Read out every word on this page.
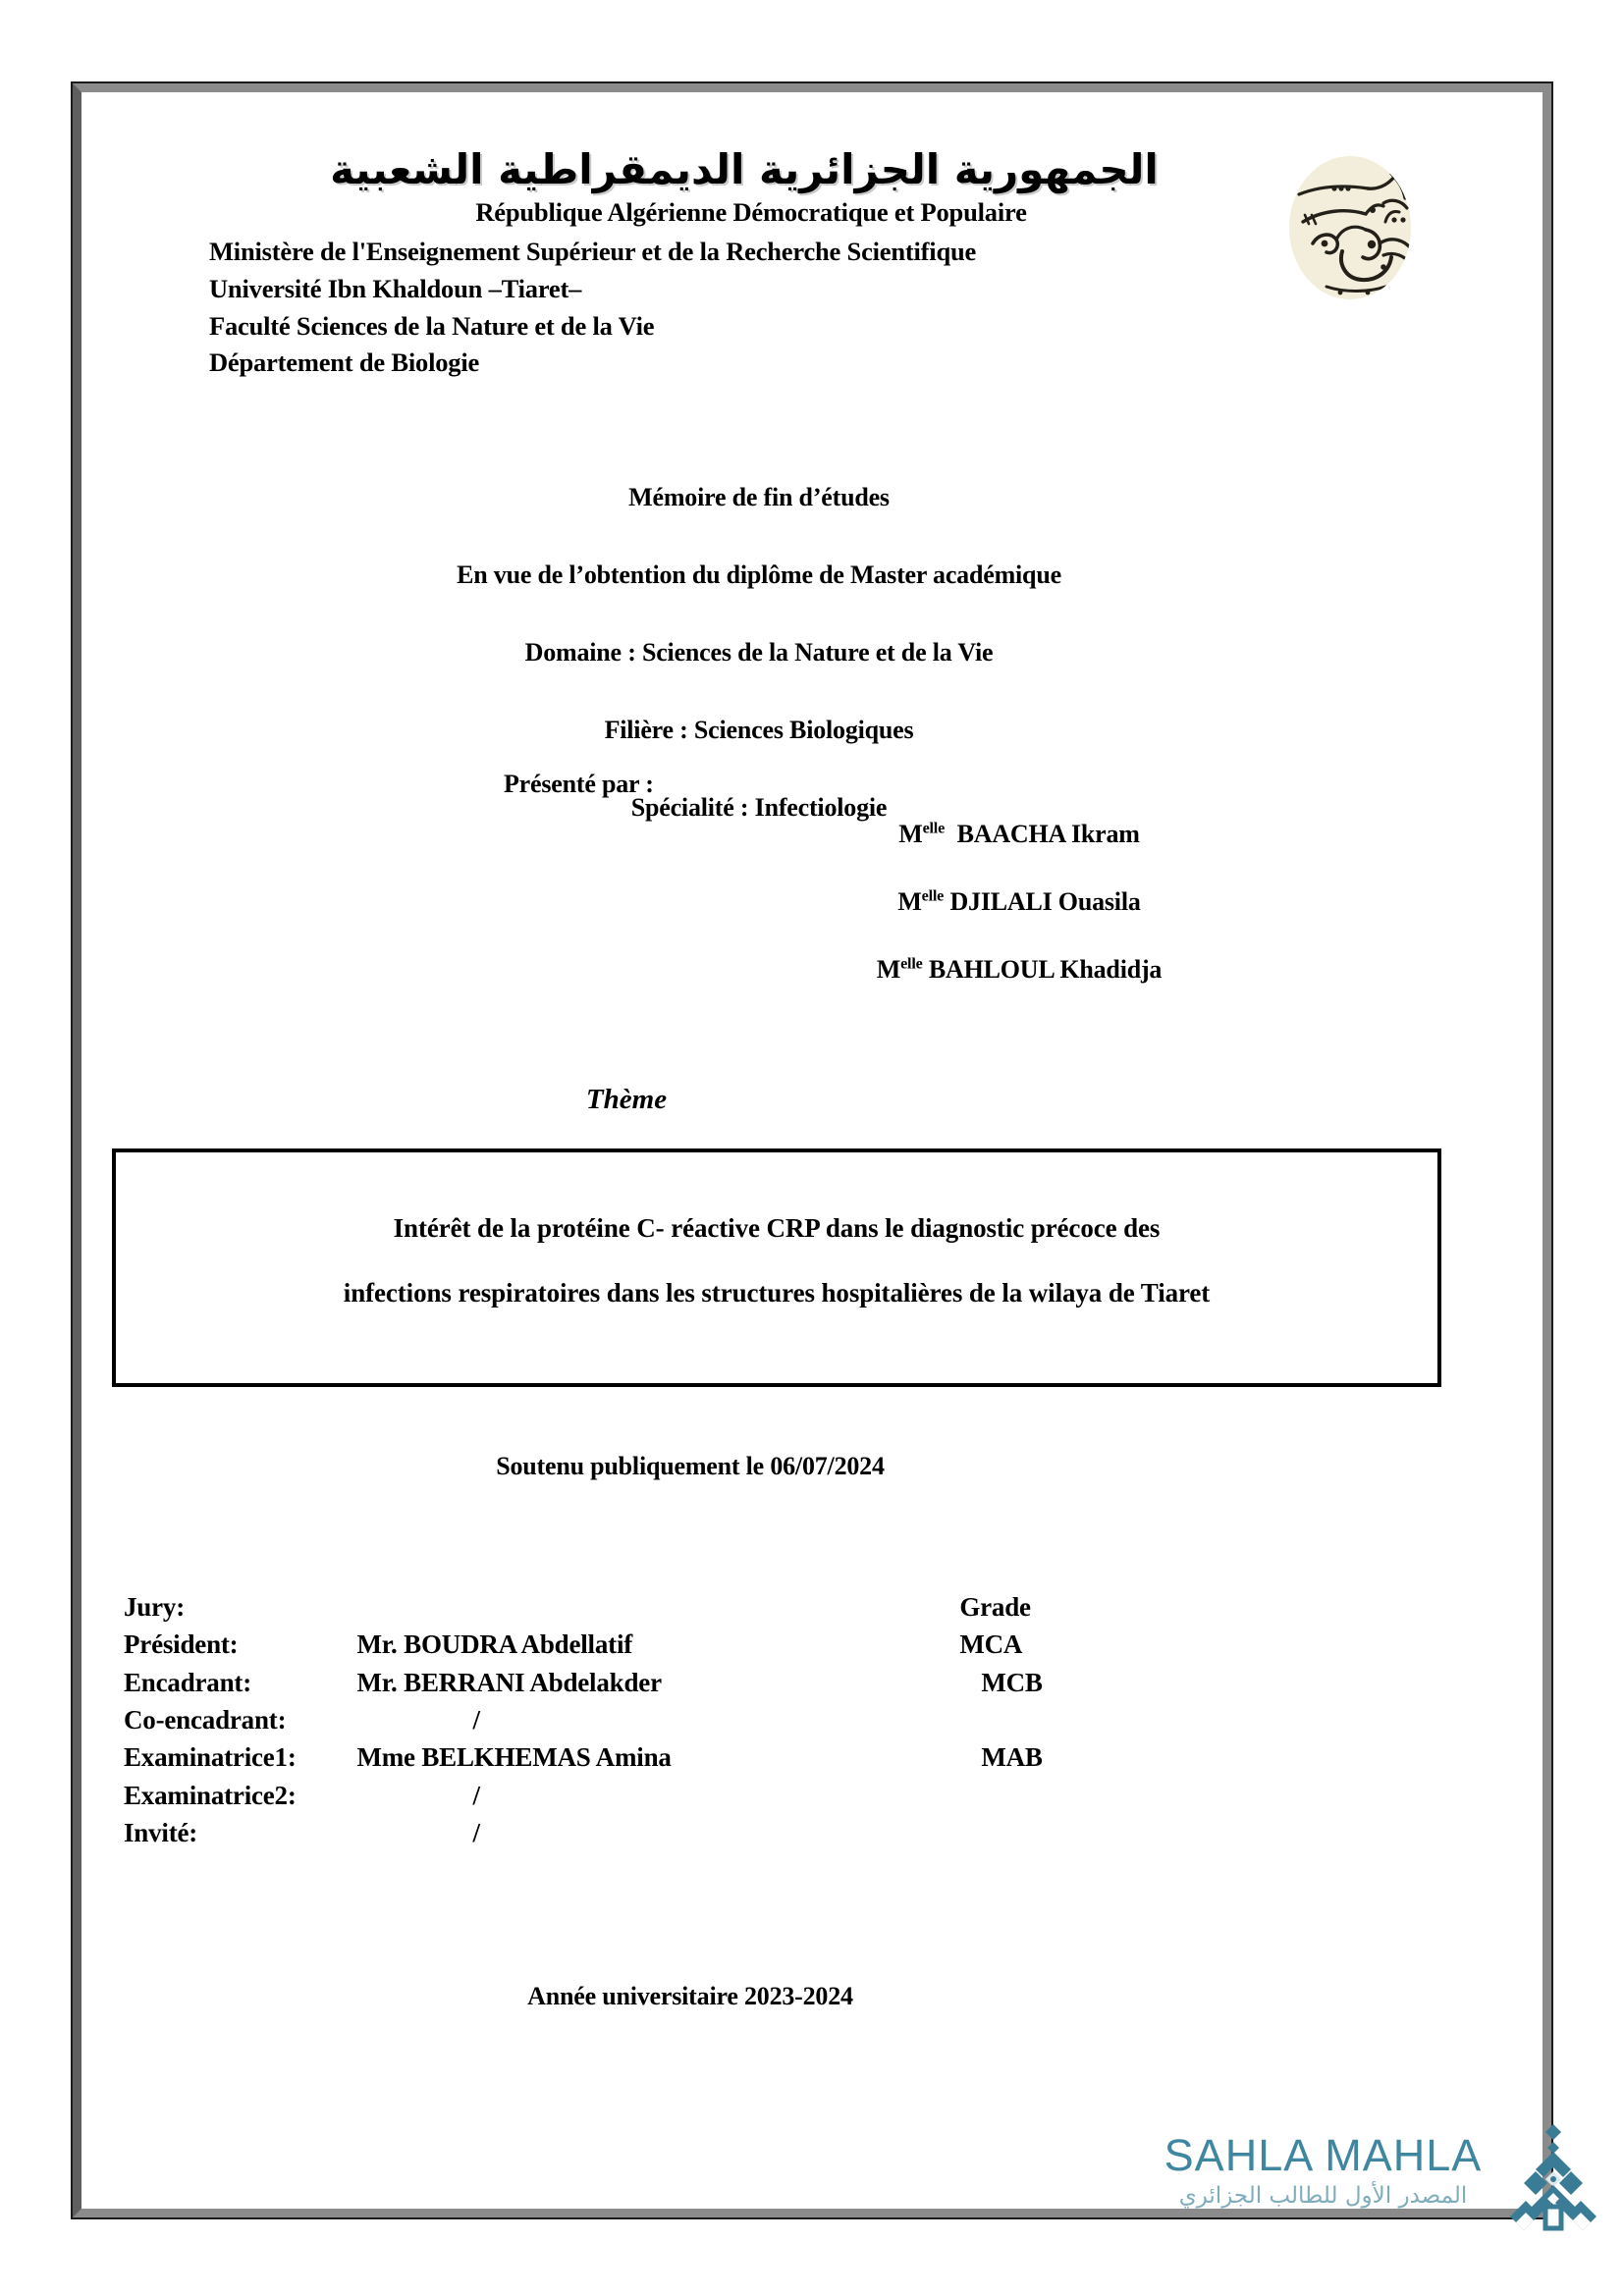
الجمهورية الجزائرية الديمقراطية الشعبية
République Algérienne Démocratique et Populaire
Ministère de l'Enseignement Supérieur et de la Recherche Scientifique
Université Ibn Khaldoun –Tiaret–
Faculté Sciences de la Nature et de la Vie
Département de Biologie
Mémoire de fin d’études
En vue de l’obtention du diplôme de Master académique
Domaine : Sciences de la Nature et de la Vie
Filière : Sciences Biologiques
Spécialité : Infectiologie
Présenté par :
$M^{elle}$ BAACHA Ikram
$M^{elle}$ DJILALI Ouasila
$M^{elle}$ BAHLOUL Khadidja
Thème
Intérêt de la protéine C- réactive CRP dans le diagnostic précoce des
infections respiratoires dans les structures hospitalières de la wilaya de Tiaret
Soutenu publiquement le 06/07/2024
Jury:		Grade
Président:	Mr. BOUDRA Abdellatif	MCA
Encadrant:	Mr. BERRANI Abdelakder	MCB
Co-encadrant:	/	
Examinatrice1:	Mme BELKHEMAS Amina	MAB
Examinatrice2:	/	
Invité:	/	
Année universitaire 2023-2024
SAHLA MAHLA
المصدر الأول للطالب الجزائري
